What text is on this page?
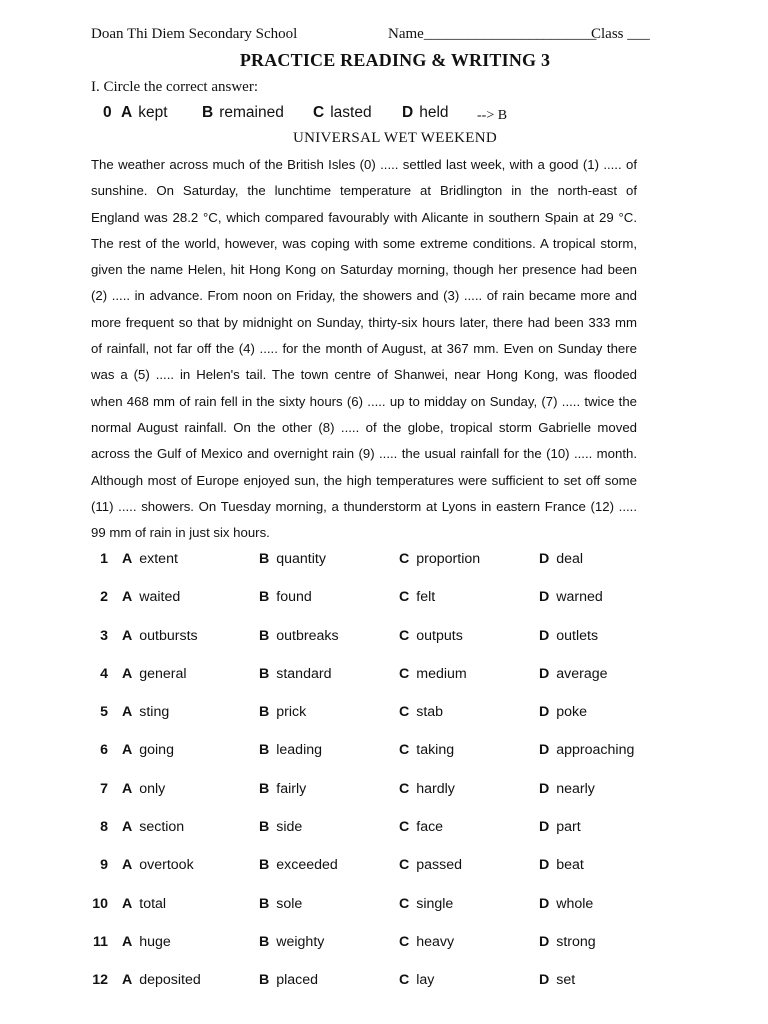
Doan Thi Diem Secondary School	Name_______________________
Class ___
PRACTICE READING & WRITING 3
I. Circle the correct answer:
0 A kept B remained C lasted D held --> B
UNIVERSAL WET WEEKEND
The weather across much of the British Isles (0) ..... settled last week, with a good (1) ..... of
sunshine. On Saturday, the lunchtime temperature at Bridlington in the north-east of
England was 28.2 °C, which compared favourably with Alicante in southern Spain at 29 °C.
The rest of the world, however, was coping with some extreme conditions. A tropical storm,
given the name Helen, hit Hong Kong on Saturday morning, though her presence had been
(2) ..... in advance. From noon on Friday, the showers and (3) ..... of rain became more and
more frequent so that by midnight on Sunday, thirty-six hours later, there had been 333 mm
of rainfall, not far off the (4) ..... for the month of August, at 367 mm. Even on Sunday there
was a (5) ..... in Helen's tail. The town centre of Shanwei, near Hong Kong, was flooded
when 468 mm of rain fell in the sixty hours (6) ..... up to midday on Sunday, (7) ..... twice the
normal August rainfall. On the other (8) ..... of the globe, tropical storm Gabrielle moved
across the Gulf of Mexico and overnight rain (9) ..... the usual rainfall for the (10) ..... month.
Although most of Europe enjoyed sun, the high temperatures were sufficient to set off some
(11) ..... showers. On Tuesday morning, a thunderstorm at Lyons in eastern France (12) .....
99 mm of rain in just six hours.
1 A extent	B quantity	C proportion	D deal
2 A waited	B found	C felt	D warned
3 A outbursts	B outbreaks	C outputs	D outlets
4 A general	B standard	C medium	D average
5 A sting	B prick	C stab	D poke
6 A going	B leading	C taking	D approaching
7 A only	B fairly	C hardly	D nearly
8 A section	B side	C face	D part
9 A overtook	B exceeded	C passed	D beat
10 A total	B sole	C single	D whole
11 A huge	B weighty	C heavy	D strong
12 A deposited	B placed	C lay	D set
